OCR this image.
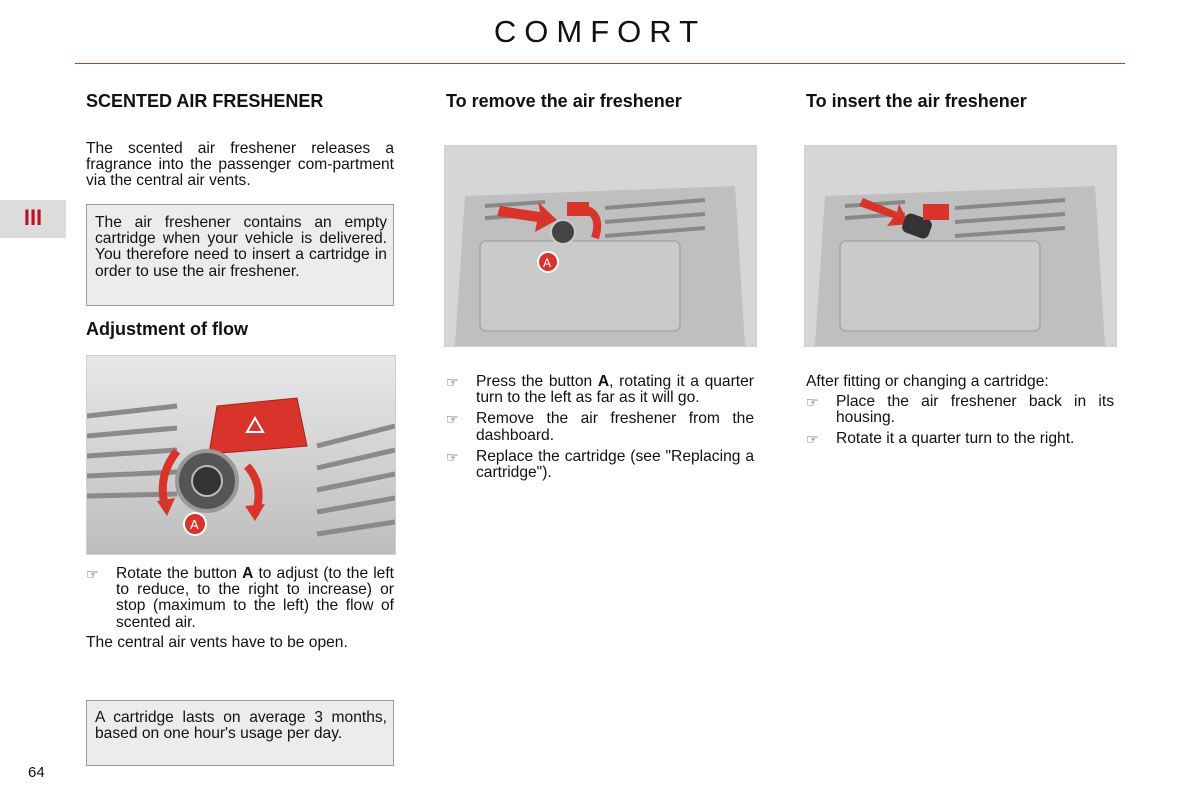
COMFORT
III
64
SCENTED AIR FRESHENER

The scented air freshener releases a fragrance into the passenger com-partment via the central air vents.

The air freshener contains an empty cartridge when your vehicle is delivered. You therefore need to insert a cartridge in order to use the air freshener.
Adjustment of flow
A
☞ Rotate the button A to adjust (to the left to reduce, to the right to increase) or stop (maximum to the left) the flow of scented air.

The central air vents have to be open.

A cartridge lasts on average 3 months, based on one hour's usage per day.
To remove the air freshener
A
☞ Press the button A, rotating it a quarter turn to the left as far as it will go.
☞ Remove the air freshener from the dashboard.
☞ Replace the cartridge (see "Replacing a cartridge").
To insert the air freshener

After fitting or changing a cartridge:

☞ Place the air freshener back in its housing.
☞ Rotate it a quarter turn to the right.
